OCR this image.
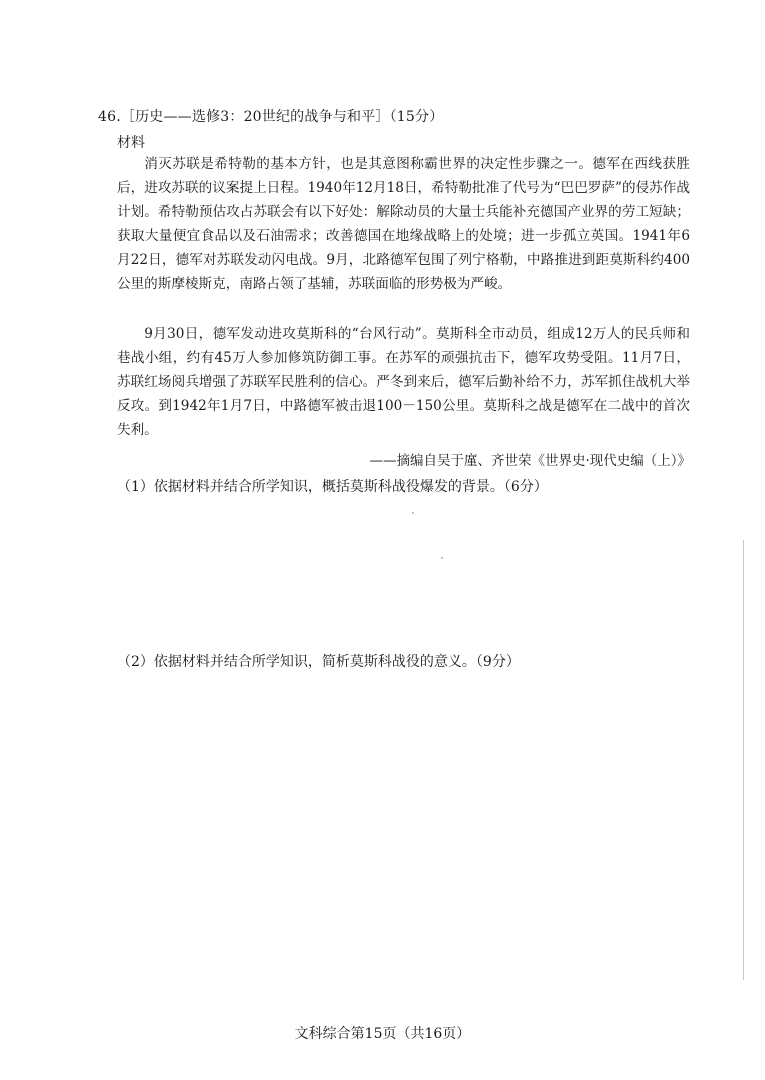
46.［历史——选修3：20世纪的战争与和平］（15分）
材料

消灭苏联是希特勒的基本方针，也是其意图称霸世界的决定性步骤之一。德军在西线获胜后，进攻苏联的议案提上日程。1940年12月18日，希特勒批准了代号为“巴巴罗萨”的侵苏作战计划。希特勒预估攻占苏联会有以下好处：解除动员的大量士兵能补充德国产业界的劳工短缺；获取大量便宜食品以及石油需求；改善德国在地缘战略上的处境；进一步孤立英国。1941年6月22日，德军对苏联发动闪电战。9月，北路德军包围了列宁格勒，中路推进到距莫斯科约400公里的斯摩棱斯克，南路占领了基辅，苏联面临的形势极为严峻。

9月30日，德军发动进攻莫斯科的“台风行动”。莫斯科全市动员，组成12万人的民兵师和巷战小组，约有45万人参加修筑防御工事。在苏军的顽强抗击下，德军攻势受阻。11月7日，苏联红场阅兵增强了苏联军民胜利的信心。严冬到来后，德军后勤补给不力，苏军抓住战机大举反攻。到1942年1月7日，中路德军被击退100－150公里。莫斯科之战是德军在二战中的首次失利。

——摘编自吴于廑、齐世荣《世界史·现代史编（上）》
（1）依据材料并结合所学知识，概括莫斯科战役爆发的背景。（6分）
（2）依据材料并结合所学知识，简析莫斯科战役的意义。（9分）
文科综合第15页（共16页）
